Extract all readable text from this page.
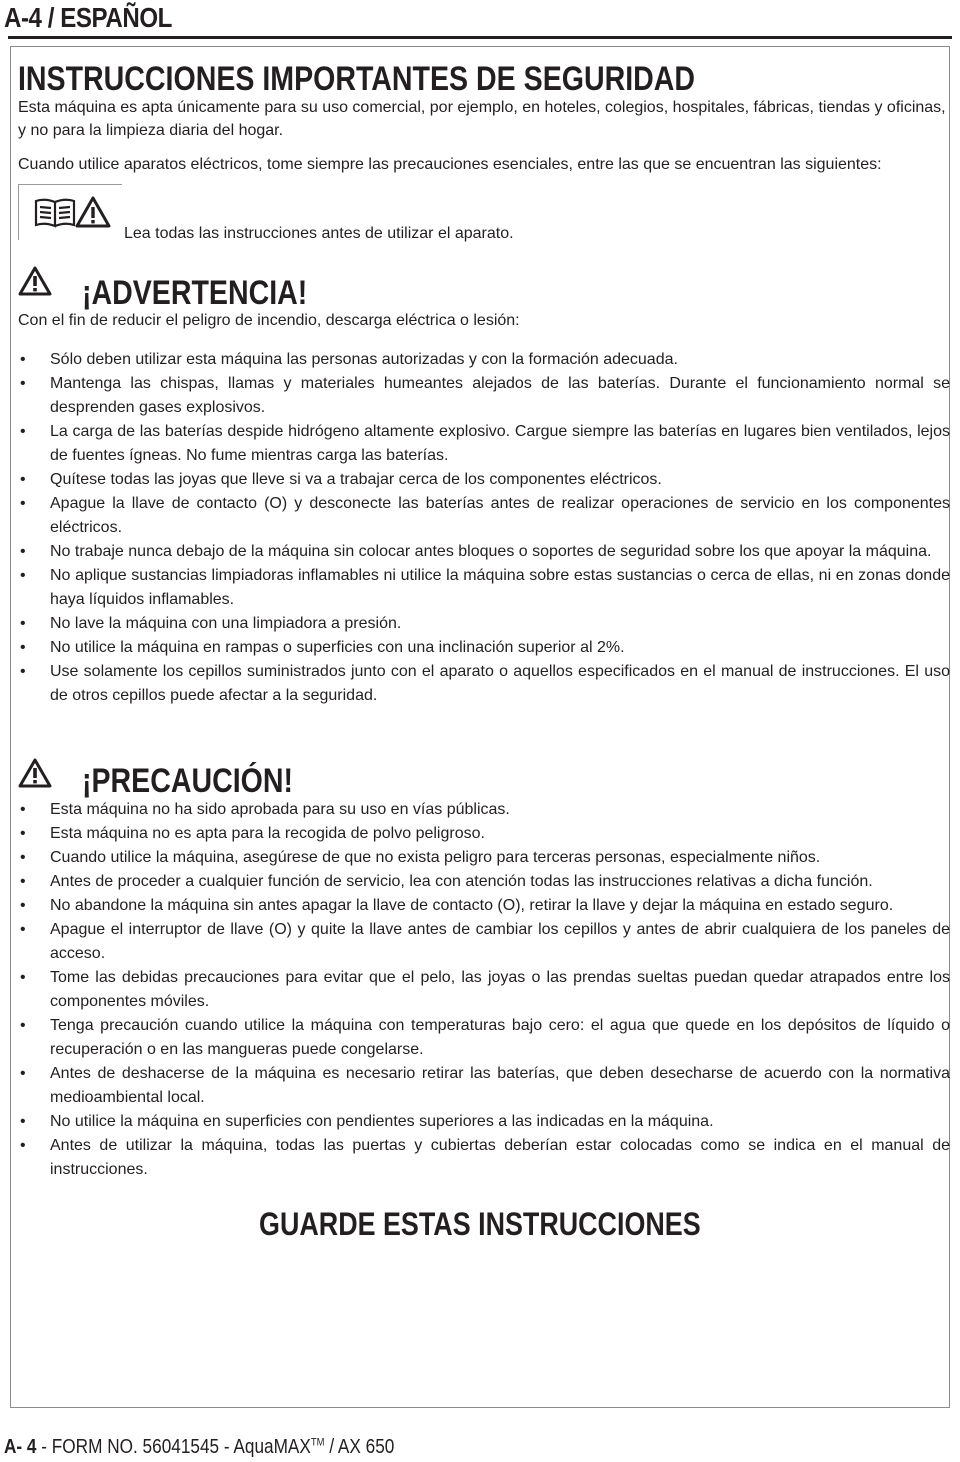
A-4 / ESPAÑOL
INSTRUCCIONES IMPORTANTES DE SEGURIDAD
Esta máquina es apta únicamente para su uso comercial, por ejemplo, en hoteles, colegios, hospitales, fábricas, tiendas y oficinas, y no para la limpieza diaria del hogar.
Cuando utilice aparatos eléctricos, tome siempre las precauciones esenciales, entre las que se encuentran las siguientes:
Lea todas las instrucciones antes de utilizar el aparato.
¡ADVERTENCIA!
Con el fin de reducir el peligro de incendio, descarga eléctrica o lesión:
• Sólo deben utilizar esta máquina las personas autorizadas y con la formación adecuada.
• Mantenga las chispas, llamas y materiales humeantes alejados de las baterías. Durante el funcionamiento normal se desprenden gases explosivos.
• La carga de las baterías despide hidrógeno altamente explosivo. Cargue siempre las baterías en lugares bien ventilados, lejos de fuentes ígneas. No fume mientras carga las baterías.
• Quítese todas las joyas que lleve si va a trabajar cerca de los componentes eléctricos.
• Apague la llave de contacto (O) y desconecte las baterías antes de realizar operaciones de servicio en los componentes eléctricos.
• No trabaje nunca debajo de la máquina sin colocar antes bloques o soportes de seguridad sobre los que apoyar la máquina.
• No aplique sustancias limpiadoras inflamables ni utilice la máquina sobre estas sustancias o cerca de ellas, ni en zonas donde haya líquidos inflamables.
• No lave la máquina con una limpiadora a presión.
• No utilice la máquina en rampas o superficies con una inclinación superior al 2%.
• Use solamente los cepillos suministrados junto con el aparato o aquellos especificados en el manual de instrucciones. El uso de otros cepillos puede afectar a la seguridad.
¡PRECAUCIÓN!
• Esta máquina no ha sido aprobada para su uso en vías públicas.
• Esta máquina no es apta para la recogida de polvo peligroso.
• Cuando utilice la máquina, asegúrese de que no exista peligro para terceras personas, especialmente niños.
• Antes de proceder a cualquier función de servicio, lea con atención todas las instrucciones relativas a dicha función.
• No abandone la máquina sin antes apagar la llave de contacto (O), retirar la llave y dejar la máquina en estado seguro.
• Apague el interruptor de llave (O) y quite la llave antes de cambiar los cepillos y antes de abrir cualquiera de los paneles de acceso.
• Tome las debidas precauciones para evitar que el pelo, las joyas o las prendas sueltas puedan quedar atrapados entre los componentes móviles.
• Tenga precaución cuando utilice la máquina con temperaturas bajo cero: el agua que quede en los depósitos de líquido o recuperación o en las mangueras puede congelarse.
• Antes de deshacerse de la máquina es necesario retirar las baterías, que deben desecharse de acuerdo con la normativa medioambiental local.
• No utilice la máquina en superficies con pendientes superiores a las indicadas en la máquina.
• Antes de utilizar la máquina, todas las puertas y cubiertas deberían estar colocadas como se indica en el manual de instrucciones.
GUARDE ESTAS INSTRUCCIONES
A- 4 - FORM NO. 56041545 - AquaMAX™ / AX 650
